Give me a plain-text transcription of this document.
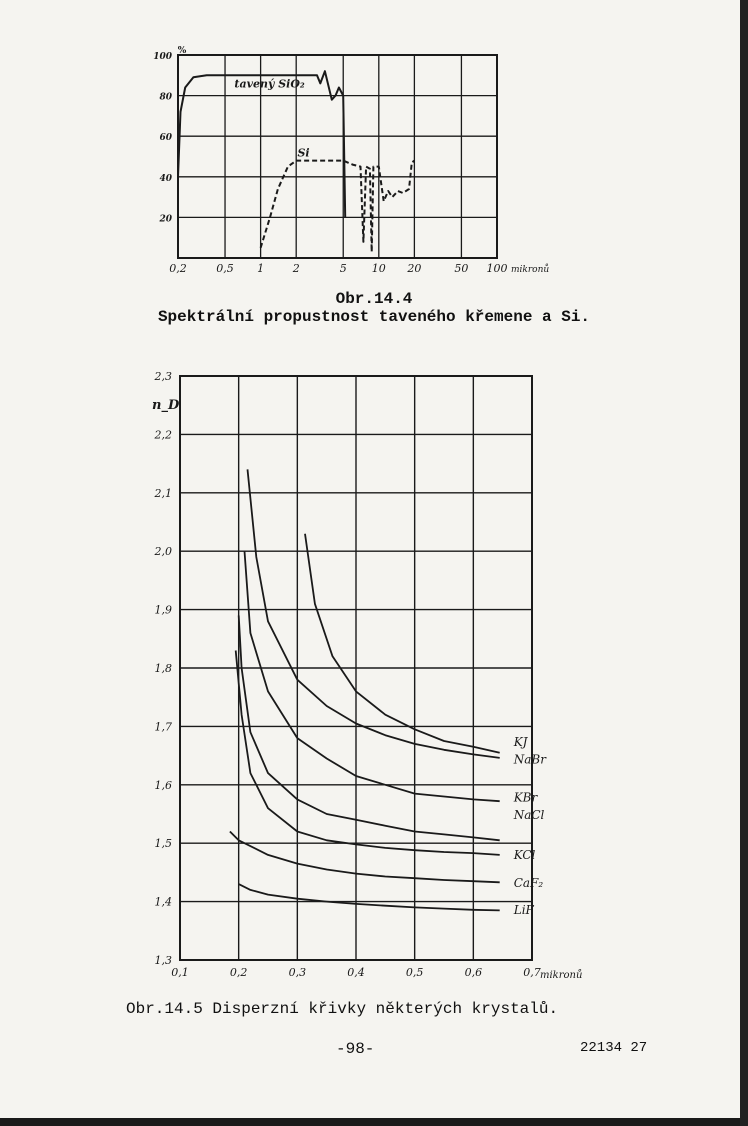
0,2	0,5 1	2	5 10 20	50 100
20
40
60
80
100
mikronů
%
tavený SiO₂
Si
0,1	0,2	0,3	0,4	0,5	0,6	0,7
1,3
1,4
1,5
1,6
1,7
1,8
1,9
2,0
2,1
2,2
2,3
mikronů
n_D
KJ
NaBr
KBr
NaCl
KCl
CaF₂
LiF
Obr.14.4
Spektrální propustnost taveného křemene a Si.
Obr.14.5 Disperzní křivky některých krystalů.
-98-	22134 27
